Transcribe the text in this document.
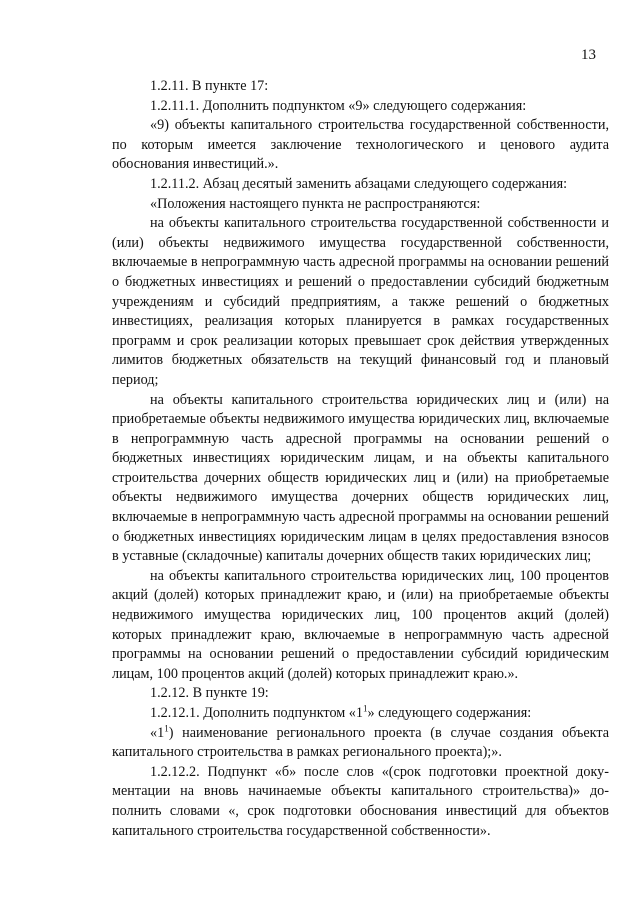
13

1.2.11. В пункте 17:

1.2.11.1. Дополнить подпунктом «9» следующего содержания:

«9) объекты капитального строительства государственной собственности, по которым имеется заключение технологического и ценового аудита обоснования инвестиций.».

1.2.11.2. Абзац десятый заменить абзацами следующего содержания:

«Положения настоящего пункта не распространяются:

на объекты капитального строительства государственной собственности и (или) объекты недвижимого имущества государственной собственности, включаемые в непрограммную часть адресной программы на основании решений о бюджетных инвестициях и решений о предоставлении субсидий бюджетным учреждениям и субсидий предприятиям, а также решений о бюджетных инвестициях, реализация которых планируется в рамках государственных программ и срок реализации которых превышает срок действия утвержденных лимитов бюджетных обязательств на текущий финансовый год и плановый период;

на объекты капитального строительства юридических лиц и (или) на приобретаемые объекты недвижимого имущества юридических лиц, включаемые в непрограммную часть адресной программы на основании решений о бюджетных инвестициях юридическим лицам, и на объекты капитального строительства дочерних обществ юридических лиц и (или) на приобретаемые объекты недвижимого имущества дочерних обществ юридических лиц, включаемые в непрограммную часть адресной программы на основании решений о бюджетных инвестициях юридическим лицам в целях предоставления взносов в уставные (складочные) капиталы дочерних обществ таких юридических лиц;

на объекты капитального строительства юридических лиц, 100 процентов акций (долей) которых принадлежит краю, и (или) на приобретаемые объекты недвижимого имущества юридических лиц, 100 процентов акций (долей) которых принадлежит краю, включаемые в непрограммную часть адресной программы на основании решений о предоставлении субсидий юридическим лицам, 100 процентов акций (долей) которых принадлежит краю.».

1.2.12. В пункте 19:

1.2.12.1. Дополнить подпунктом «$1^1$» следующего содержания:

«$1^1$) наименование регионального проекта (в случае создания объекта капитального строительства в рамках регионального проекта);».

1.2.12.2. Подпункт «б» после слов «(срок подготовки проектной документации на вновь начинаемые объекты капитального строительства)» дополнить словами «, срок подготовки обоснования инвестиций для объектов капитального строительства государственной собственности».
